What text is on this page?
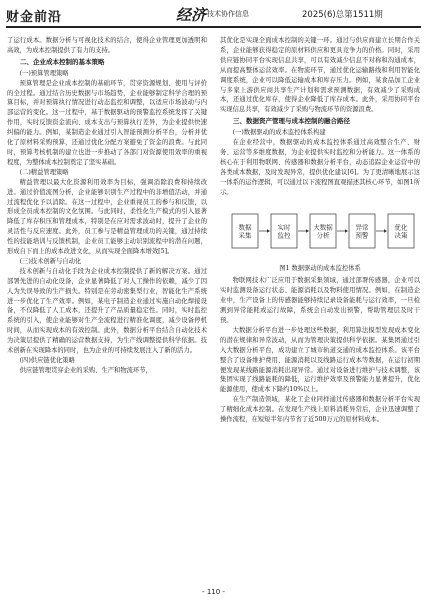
财金前沿	经济 技术协作信息	2025(6)总第1511期

了运行成本。数据分析与可视化技术的结合，使得企业管理更加透明和高效，为成本控制提供了有力的支持。

二、企业成本控制的基本策略
(一)预算管理策略

预算管理是企业成本控制的基础环节，贯穿资源规划、使用与评价的全过程。通过结合历史数据与市场趋势，企业能够制定科学合理的预算目标，并对预算执行情况进行动态监控和调整，以适应市场波动与内部运营的变化。这一过程中，基于数据驱动的预警监控系统发挥了关键作用，实时反馈资金流向、成本支出与预算执行差异，为企业提供快速纠偏的能力。例如，某制造企业通过引入智能预测分析平台，分析并优化了原材料采购预算，还通过优化分配方案避免了资金的浪费。与此同时，预算考核机制的建立也进一步推动了各部门对资源使用效率的重视程度，为整体成本控制奠定了坚实基础。

(二)精益管理策略

精益管理以最大化资源利用效率为目标，强调消除浪费和持续改进。通过价值流图分析，企业能够识别生产过程中的非增值活动，并通过流程优化予以消除。在这一过程中，企业重视员工的参与和反馈，以形成全员成本控制的文化氛围。与此同时，柔性化生产模式的引入显著降低了库存积压和管理成本，特别是在应对需求波动时，提升了企业的灵活性与反应速度。此外，员工参与是精益管理成功的关键，通过持续性的技能培训与反馈机制，企业员工能够主动识别流程中的潜在问题，形成自下而上的成本改进文化，从而实现全面降本增效[5]。

(三)技术创新与自动化

技术创新与自动化手段为企业成本控制提供了新的解决方案。通过部署先进的自动化设备，企业显著降低了对人工操作的依赖，减少了因人为失误导致的生产损失。特别是在劳动密集型行业，智能化生产系统进一步优化了生产效率。例如，某电子制造企业通过实施自动化焊接设备，不仅降低了人工成本，还提升了产品质量稳定性。同时，实时监控系统的引入，使企业能够对生产全流程进行精准化调度，减少设备停机时间，从而实现成本的有效控制。此外，数据分析平台结合自动化技术为决策层提供了精确的运营数据支持，为生产线调整提供科学依据。技术创新在实现降本的同时，也为企业的可持续发展注入了新的活力。

(四)供应链优化策略

供应链管理贯穿企业的采购、生产和物流环节，

其优化是实现全面成本控制的关键一环。通过与供应商建立长期合作关系，企业能够获得稳定的原材料供应和更具竞争力的价格。同时，采用供应链协同平台实现信息共享，可以有效减少信息不对称和沟通成本，从而提高整体运营效率。在物流环节，通过优化运输路线和利用智能化调度系统，企业可以降低运输成本和库存压力。例如，某食品加工企业与多家上游供应商共享生产计划和需求预测数据，有效减少了采购成本，还通过优化库存，使得企业降低了库存成本。此外，采用协同平台实现信息共享，有效减少了采购与物流环节的资源浪费。

三、数据资产管理与成本控制的融合路径
(一)数据驱动的成本监控体系构建

在企业经营中，数据驱动的成本监控体系通过高效整合生产、财务、运营等多维度数据，为企业提供实时监控和分析能力。这一体系的核心在于利用物联网、传感器和数据分析平台，动态追踪企业运营中的各类成本数据，及时发现异常，提供优化建议[6]。为了更清晰地展示这一体系的运作逻辑，可以通过以下流程图直观描述其核心环节，如图1所示。

数据
采集
实时
监控
大数据
分析
异常
预警
优化
决策
图1 数据驱动的成本监控体系

物联网技术广泛应用于数据采集领域，通过部署传感器，企业可以实时监测设备运行状态、能源消耗以及物料使用情况。例如，在制造企业中，生产设备上的传感器能够持续记录设备能耗与运行效率，一旦检测到异常能耗或运行故障，系统会自动发出预警，帮助管理层及时干预。

大数据分析平台进一步处理这些数据，利用算法模型发现成本变化的潜在规律和异常波动，从而为管理决策提供科学依据。某集团通过引入大数据分析平台，成功建立了城市轨道交通的成本监控体系。该平台整合了设备维护费用、能源消耗以及线路运行成本等数据，在运行初期便发现某线路能源消耗出现异常。通过对设备进行维护与技术调整，该集团实现了线路能耗的降低，运行维护效率及预警能力显著提升，优化能源使用，使成本下降约10%以上。

在生产制造领域，某化工企业同样通过传感器和数据分析平台实现了精细化成本控制。在发现生产线上原料消耗异常后，企业迅速调整了操作流程，在短短半年内节省了近500万元的原材料成本。

- 110 -
